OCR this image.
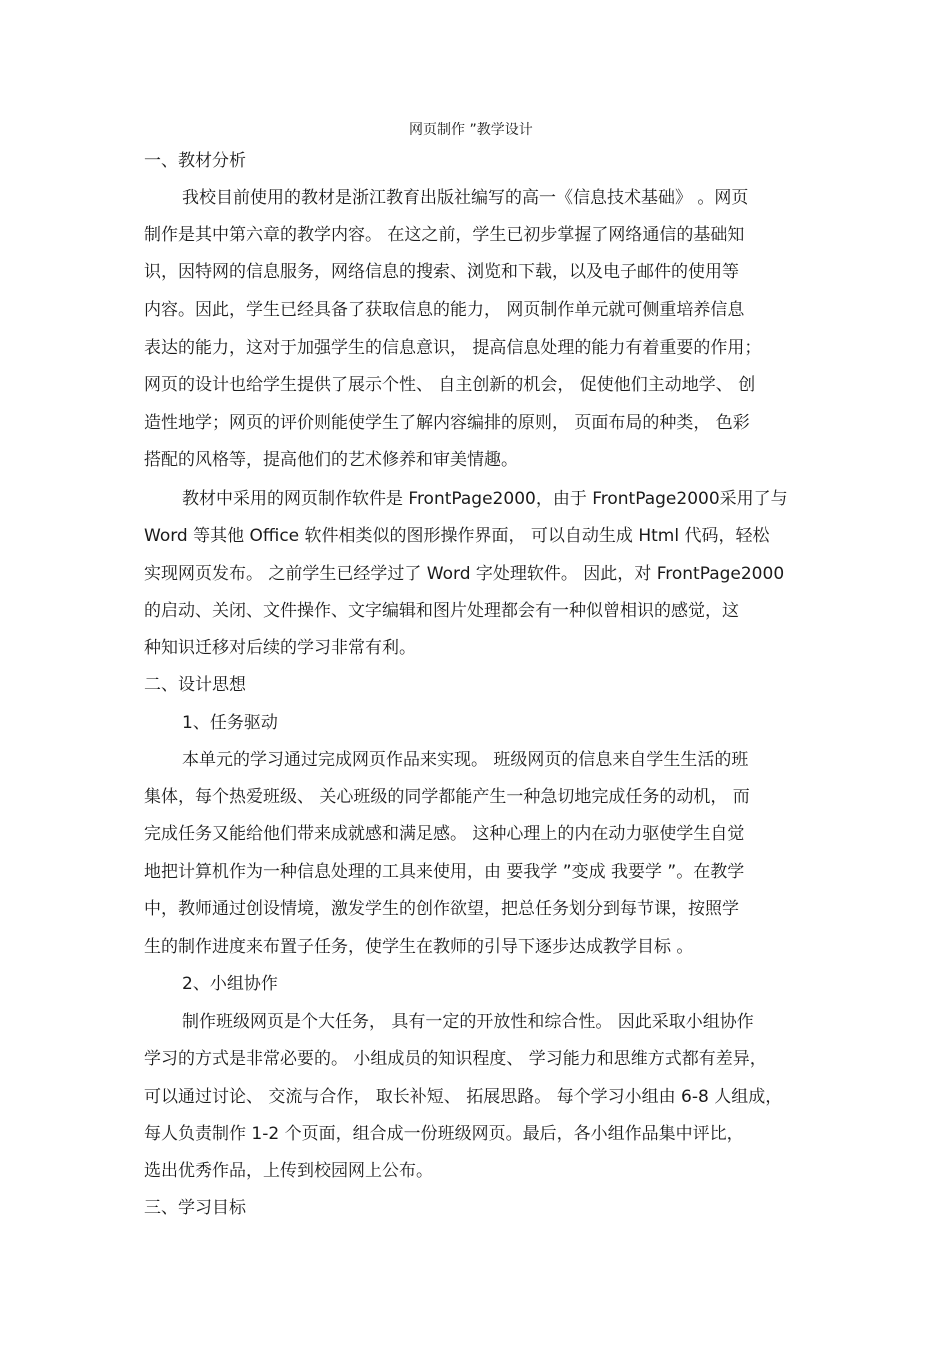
网页制作 ”教学设计
一、教材分析
我校目前使用的教材是浙江教育出版社编写的高一《信息技术基础》 。网页
制作是其中第六章的教学内容。 在这之前，学生已初步掌握了网络通信的基础知
识，因特网的信息服务，网络信息的搜索、浏览和下载，以及电子邮件的使用等
内容。因此，学生已经具备了获取信息的能力， 网页制作单元就可侧重培养信息
表达的能力，这对于加强学生的信息意识， 提高信息处理的能力有着重要的作用；
网页的设计也给学生提供了展示个性、 自主创新的机会， 促使他们主动地学、 创
造性地学；网页的评价则能使学生了解内容编排的原则， 页面布局的种类， 色彩
搭配的风格等，提高他们的艺术修养和审美情趣。
教材中采用的网页制作软件是 FrontPage2000，由于 FrontPage2000采用了与
Word 等其他 Office 软件相类似的图形操作界面， 可以自动生成 Html 代码，轻松
实现网页发布。 之前学生已经学过了 Word 字处理软件。 因此，对 FrontPage2000
的启动、关闭、文件操作、文字编辑和图片处理都会有一种似曾相识的感觉，这
种知识迁移对后续的学习非常有利。
二、设计思想
1、任务驱动
本单元的学习通过完成网页作品来实现。 班级网页的信息来自学生生活的班
集体，每个热爱班级、 关心班级的同学都能产生一种急切地完成任务的动机， 而
完成任务又能给他们带来成就感和满足感。 这种心理上的内在动力驱使学生自觉
地把计算机作为一种信息处理的工具来使用，由 要我学 ”变成 我要学 ”。在教学
中，教师通过创设情境，激发学生的创作欲望，把总任务划分到每节课，按照学
生的制作进度来布置子任务，使学生在教师的引导下逐步达成教学目标 。
2、小组协作
制作班级网页是个大任务， 具有一定的开放性和综合性。 因此采取小组协作
学习的方式是非常必要的。 小组成员的知识程度、 学习能力和思维方式都有差异，
可以通过讨论、 交流与合作， 取长补短、 拓展思路。 每个学习小组由 6-8 人组成，
每人负责制作 1-2 个页面，组合成一份班级网页。最后，各小组作品集中评比，
选出优秀作品，上传到校园网上公布。
三、学习目标
